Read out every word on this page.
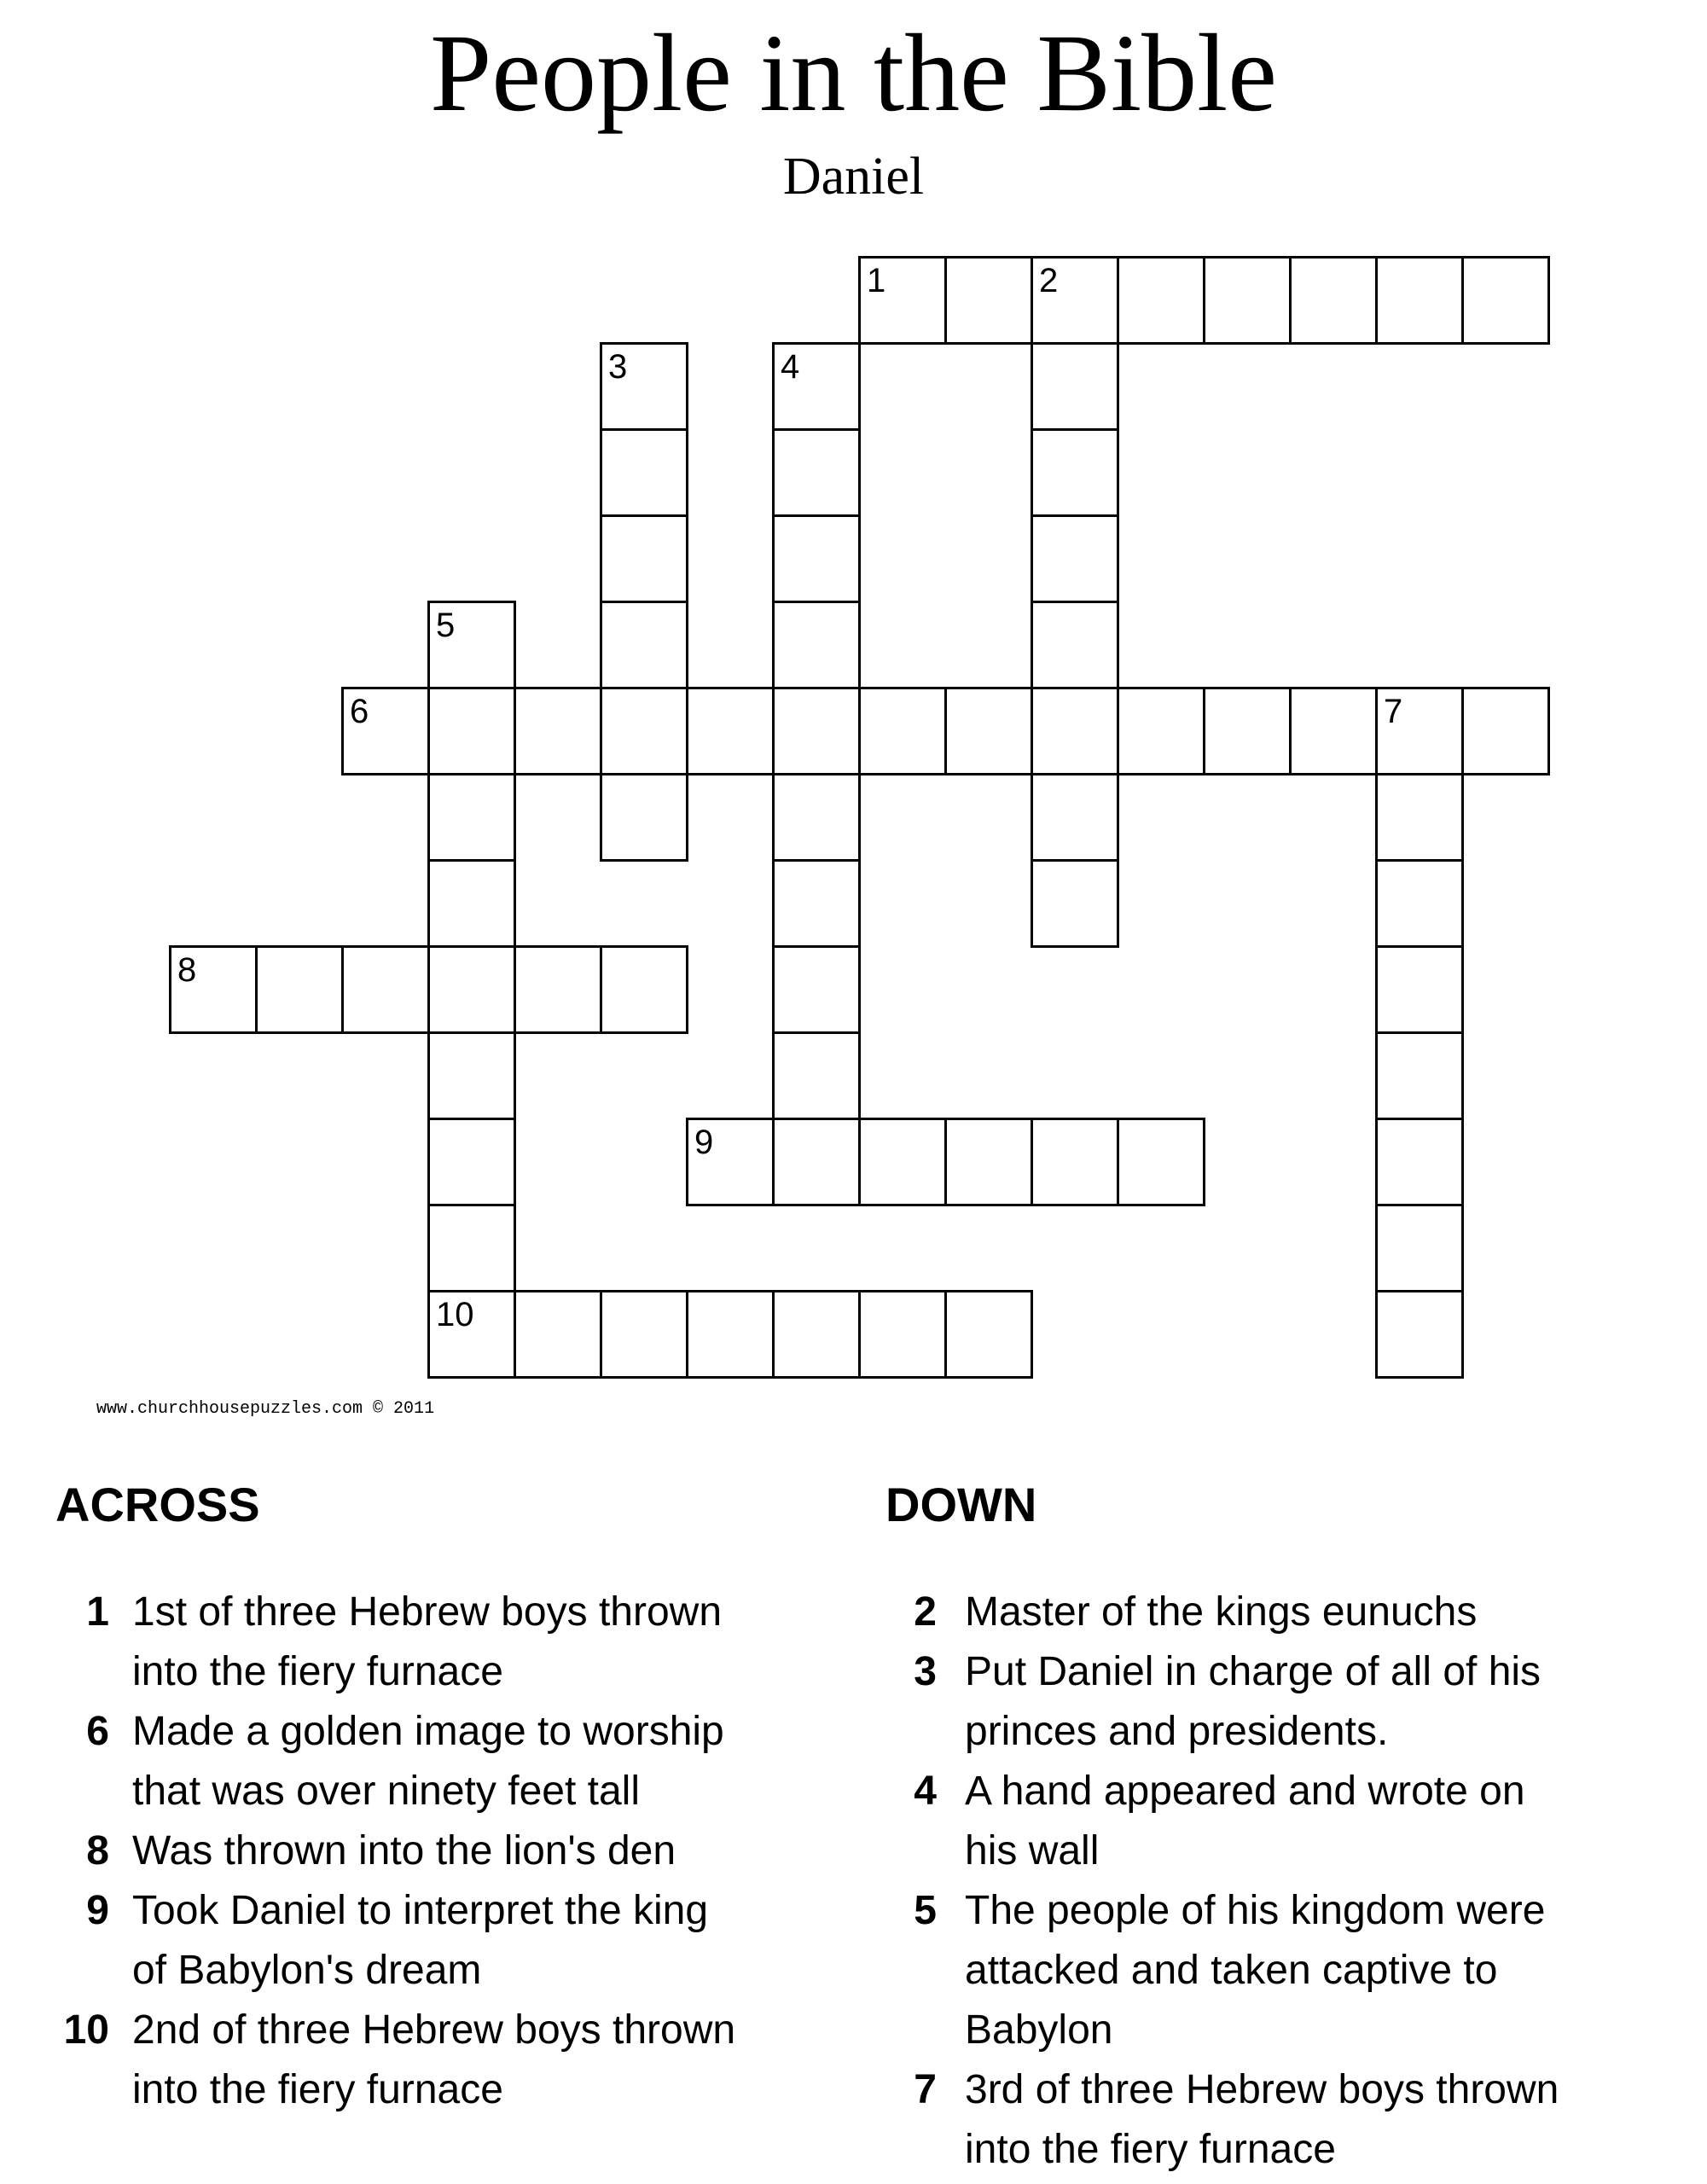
People in the Bible
Daniel
1	2
3	4
5
6	7
8
9
10
www.churchhousepuzzles.com © 2011
ACROSS
1 1st of three Hebrew boys thrown
into the fiery furnace
6 Made a golden image to worship
that was over ninety feet tall
8 Was thrown into the lion's den
9 Took Daniel to interpret the king
of Babylon's dream
10 2nd of three Hebrew boys thrown
into the fiery furnace
DOWN
2 Master of the kings eunuchs
3 Put Daniel in charge of all of his
princes and presidents.
4 A hand appeared and wrote on
his wall
5 The people of his kingdom were
attacked and taken captive to
Babylon
7 3rd of three Hebrew boys thrown
into the fiery furnace
